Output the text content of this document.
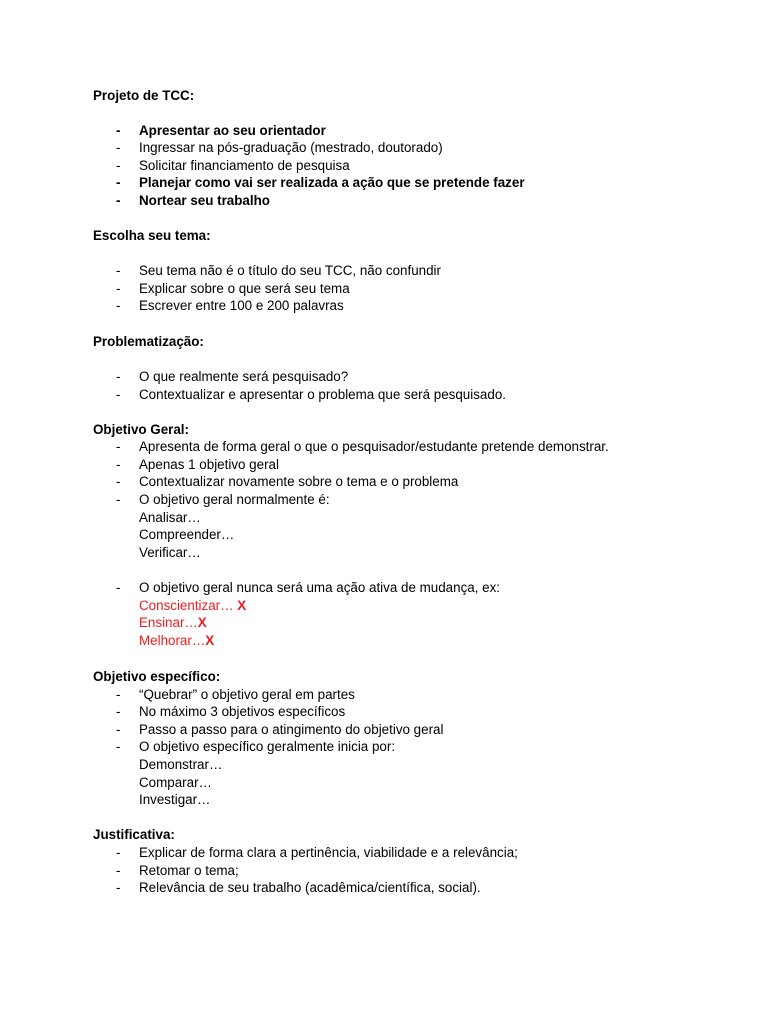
Projeto de TCC:
- Apresentar ao seu orientador
- Ingressar na pós-graduação (mestrado, doutorado)
- Solicitar financiamento de pesquisa
- Planejar como vai ser realizada a ação que se pretende fazer
- Nortear seu trabalho
Escolha seu tema:
- Seu tema não é o título do seu TCC, não confundir
- Explicar sobre o que será seu tema
- Escrever entre 100 e 200 palavras
Problematização:
- O que realmente será pesquisado?
- Contextualizar e apresentar o problema que será pesquisado.
Objetivo Geral:
- Apresenta de forma geral o que o pesquisador/estudante pretende demonstrar.
- Apenas 1 objetivo geral
- Contextualizar novamente sobre o tema e o problema
- O objetivo geral normalmente é:
Analisar…
Compreender…
Verificar…
- O objetivo geral nunca será uma ação ativa de mudança, ex:
Conscientizar… X
Ensinar…X
Melhorar…X
Objetivo específico:
- “Quebrar” o objetivo geral em partes
- No máximo 3 objetivos específicos
- Passo a passo para o atingimento do objetivo geral
- O objetivo específico geralmente inicia por:
Demonstrar…
Comparar…
Investigar…
Justificativa:
- Explicar de forma clara a pertinência, viabilidade e a relevância;
- Retomar o tema;
- Relevância de seu trabalho (acadêmica/científica, social).
